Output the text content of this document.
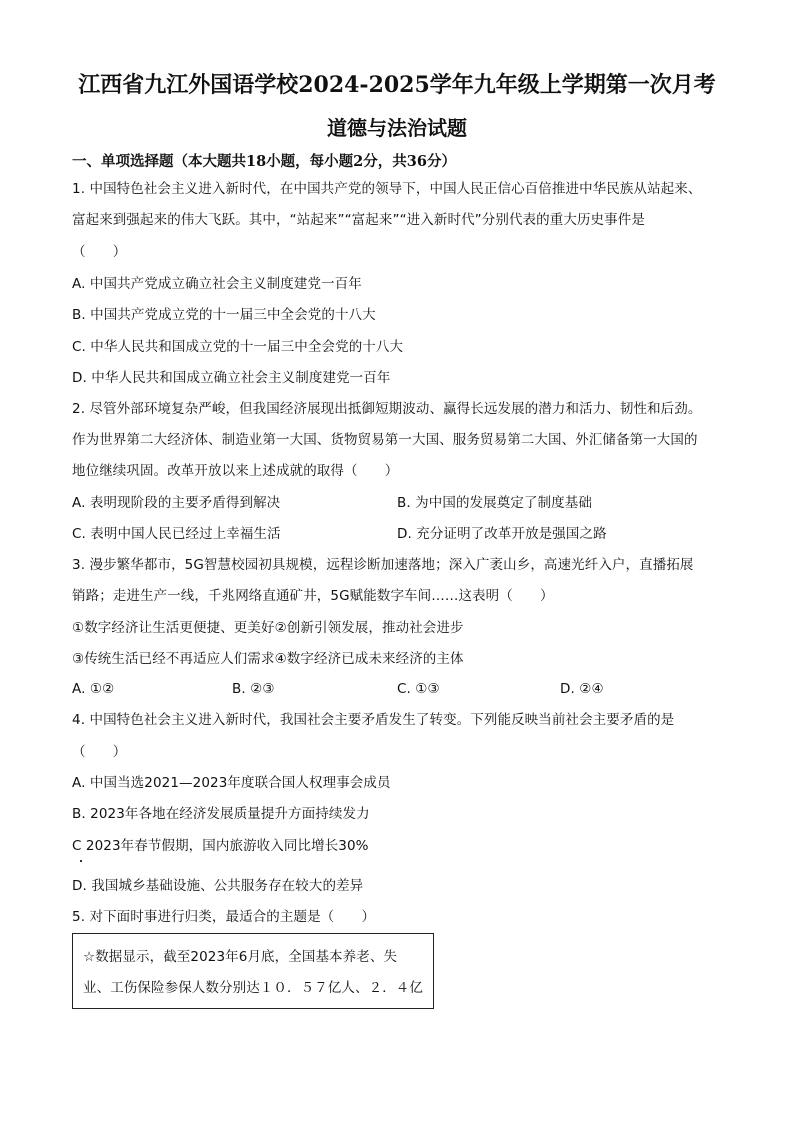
江西省九江外国语学校2024-2025学年九年级上学期第一次月考
道德与法治试题
一、单项选择题（本大题共18小题，每小题2分，共36分）
1. 中国特色社会主义进入新时代，在中国共产党的领导下，中国人民正信心百倍推进中华民族从站起来、
富起来到强起来的伟大飞跃。其中，“站起来”“富起来”“进入新时代”分别代表的重大历史事件是
（　　）
A. 中国共产党成立确立社会主义制度建党一百年
B. 中国共产党成立党的十一届三中全会党的十八大
C. 中华人民共和国成立党的十一届三中全会党的十八大
D. 中华人民共和国成立确立社会主义制度建党一百年
2. 尽管外部环境复杂严峻，但我国经济展现出抵御短期波动、赢得长远发展的潜力和活力、韧性和后劲。
作为世界第二大经济体、制造业第一大国、货物贸易第一大国、服务贸易第二大国、外汇储备第一大国的
地位继续巩固。改革开放以来上述成就的取得（　　）
A. 表明现阶段的主要矛盾得到解决	B. 为中国的发展奠定了制度基础
C. 表明中国人民已经过上幸福生活	D. 充分证明了改革开放是强国之路
3. 漫步繁华都市，5G智慧校园初具规模，远程诊断加速落地；深入广袤山乡，高速光纤入户，直播拓展
销路；走进生产一线，千兆网络直通矿井，5G赋能数字车间……这表明（　　）
①数字经济让生活更便捷、更美好②创新引领发展，推动社会进步
③传统生活已经不再适应人们需求④数字经济已成未来经济的主体
A. ①②	B. ②③	C. ①③	D. ②④
4. 中国特色社会主义进入新时代，我国社会主要矛盾发生了转变。下列能反映当前社会主要矛盾的是
（　　）
A. 中国当选2021—2023年度联合国人权理事会成员
B. 2023年各地在经济发展质量提升方面持续发力
C 2023年春节假期，国内旅游收入同比增长30%
D. 我国城乡基础设施、公共服务存在较大的差异
5. 对下面时事进行归类，最适合的主题是（　　）
☆数据显示，截至2023年6月底，全国基本养老、失
业、工伤保险参保人数分别达１０．５７亿人、２．４亿
